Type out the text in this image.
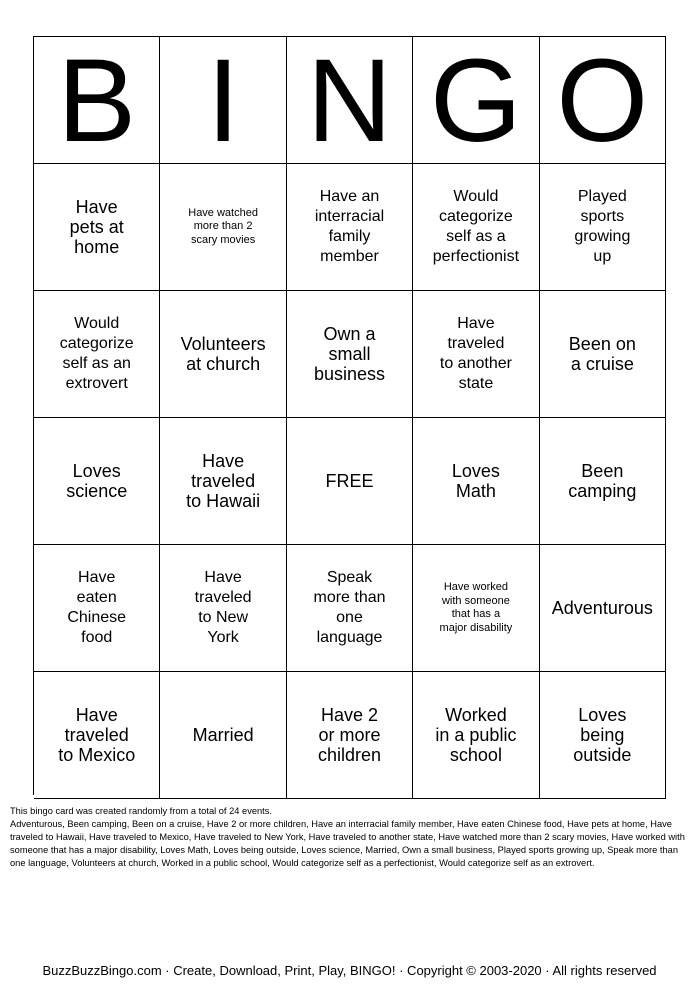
B I N G O
Have
pets at
home
Have watched
more than 2
scary movies
Have an
interracial
family
member
Would
categorize
self as a
perfectionist
Played
sports
growing
up
Would
categorize
self as an
extrovert
Volunteers
at church
Own a
small
business
Have
traveled
to another
state
Been on
a cruise
Loves
science
Have
traveled
to Hawaii
FREE	Loves
Math
Been
camping
Have
eaten
Chinese
food
Have
traveled
to New
York
Speak
more than
one
language
Have worked
with someone
that has a
major disability
Adventurous
Have
traveled
to Mexico
Married
Have 2
or more
children
Worked
in a public
school
Loves
being
outside
This bingo card was created randomly from a total of 24 events.
Adventurous, Been camping, Been on a cruise, Have 2 or more children, Have an interracial family member, Have eaten Chinese food, Have pets at home, Have traveled to Hawaii, Have traveled to Mexico, Have traveled to New York, Have traveled to another state, Have watched more than 2 scary movies, Have worked with someone that has a major disability, Loves Math, Loves being outside, Loves science, Married, Own a small business, Played sports growing up, Speak more than one language, Volunteers at church, Worked in a public school, Would categorize self as a perfectionist, Would categorize self as an extrovert.
BuzzBuzzBingo.com · Create, Download, Print, Play, BINGO! · Copyright © 2003-2020 · All rights reserved
